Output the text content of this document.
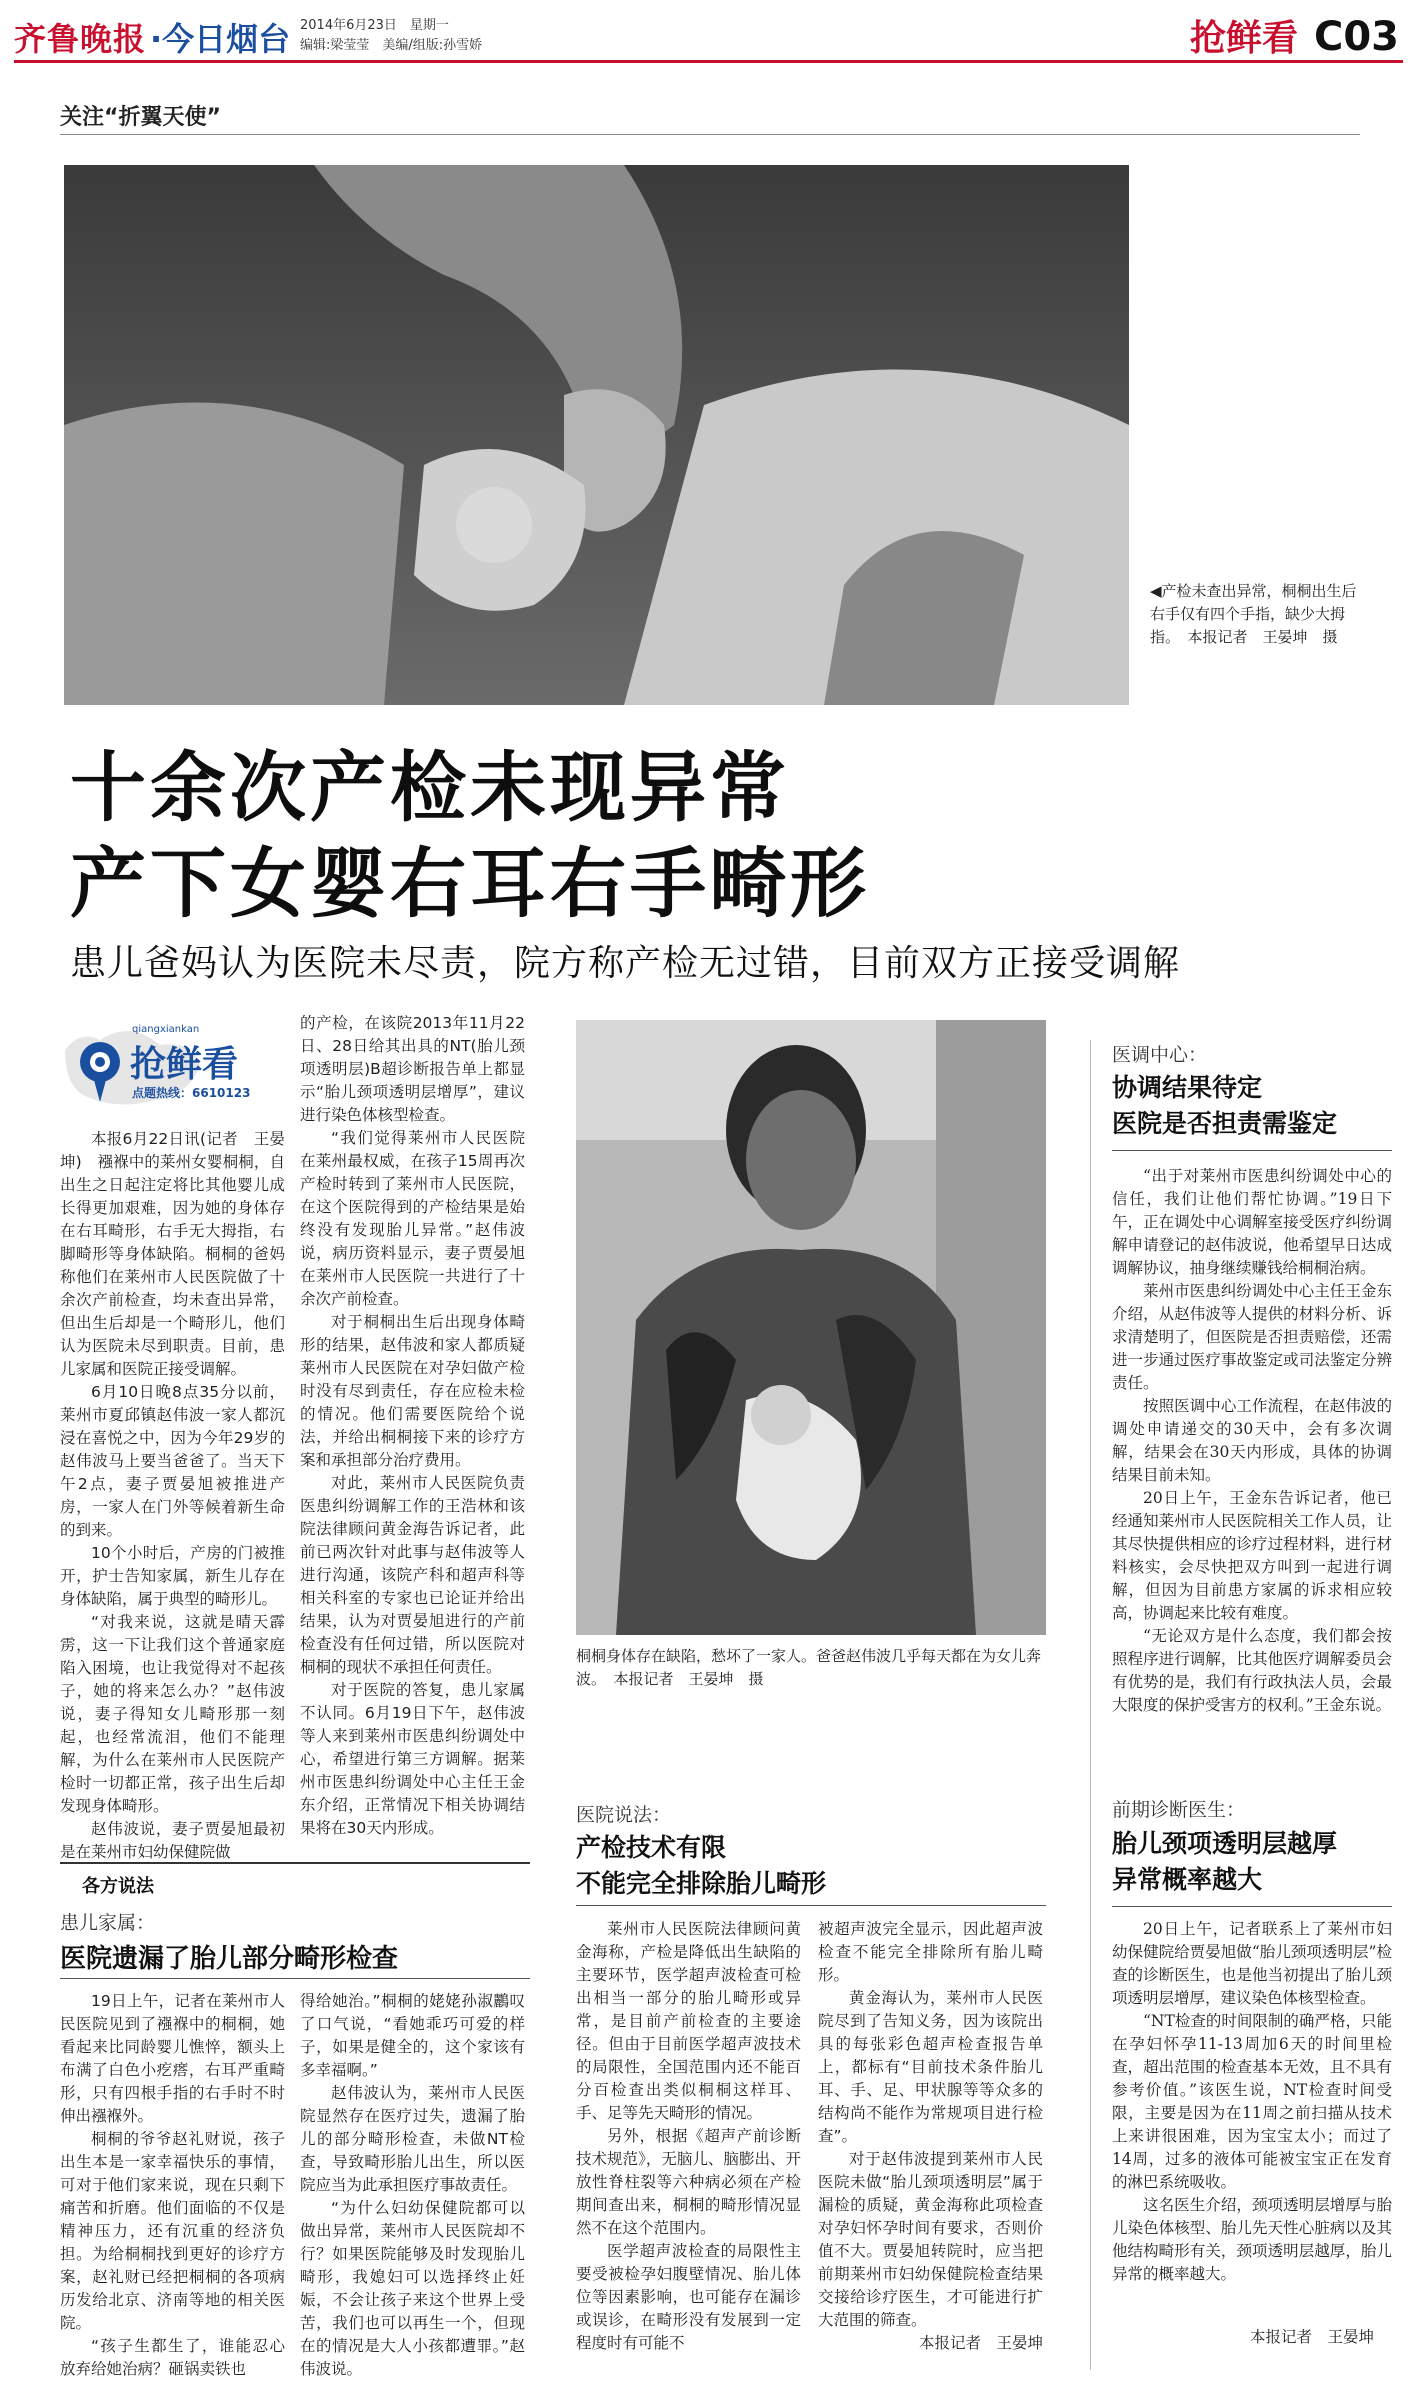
齐鲁晚报 ·今日烟台 2014年6月23日　星期一
编辑:梁莹莹　美编/组版:孙雪娇	抢鲜看 C03
关注“折翼天使”
◀产检未查出异常，桐桐出生后右手仅有四个手指，缺少大拇指。　本报记者　王晏坤　摄
十余次产检未现异常
产下女婴右耳右手畸形
患儿爸妈认为医院未尽责，院方称产检无过错，目前双方正接受调解
qiangxiankan
抢鲜看
点题热线：6610123

本报6月22日讯(记者　王晏坤)　襁褓中的莱州女婴桐桐，自出生之日起注定将比其他婴儿成长得更加艰难，因为她的身体存在右耳畸形，右手无大拇指，右脚畸形等身体缺陷。桐桐的爸妈称他们在莱州市人民医院做了十余次产前检查，均未查出异常，但出生后却是一个畸形儿，他们认为医院未尽到职责。目前，患儿家属和医院正接受调解。

6月10日晚8点35分以前，莱州市夏邱镇赵伟波一家人都沉浸在喜悦之中，因为今年29岁的赵伟波马上要当爸爸了。当天下午2点，妻子贾晏旭被推进产房，一家人在门外等候着新生命的到来。

10个小时后，产房的门被推开，护士告知家属，新生儿存在身体缺陷，属于典型的畸形儿。

“对我来说，这就是晴天霹雳，这一下让我们这个普通家庭陷入困境，也让我觉得对不起孩子，她的将来怎么办？”赵伟波说，妻子得知女儿畸形那一刻起，也经常流泪，他们不能理解，为什么在莱州市人民医院产检时一切都正常，孩子出生后却发现身体畸形。

赵伟波说，妻子贾晏旭最初是在莱州市妇幼保健院做

的产检，在该院2013年11月22日、28日给其出具的NT(胎儿颈项透明层)B超诊断报告单上都显示“胎儿颈项透明层增厚”，建议进行染色体核型检查。

“我们觉得莱州市人民医院在莱州最权威，在孩子15周再次产检时转到了莱州市人民医院，在这个医院得到的产检结果是始终没有发现胎儿异常。”赵伟波说，病历资料显示，妻子贾晏旭在莱州市人民医院一共进行了十余次产前检查。

对于桐桐出生后出现身体畸形的结果，赵伟波和家人都质疑莱州市人民医院在对孕妇做产检时没有尽到责任，存在应检未检的情况。他们需要医院给个说法，并给出桐桐接下来的诊疗方案和承担部分治疗费用。

对此，莱州市人民医院负责医患纠纷调解工作的王浩林和该院法律顾问黄金海告诉记者，此前已两次针对此事与赵伟波等人进行沟通，该院产科和超声科等相关科室的专家也已论证并给出结果，认为对贾晏旭进行的产前检查没有任何过错，所以医院对桐桐的现状不承担任何责任。

对于医院的答复，患儿家属不认同。6月19日下午，赵伟波等人来到莱州市医患纠纷调处中心，希望进行第三方调解。据莱州市医患纠纷调处中心主任王金东介绍，正常情况下相关协调结果将在30天内形成。

桐桐身体存在缺陷，愁坏了一家人。爸爸赵伟波几乎每天都在为女儿奔波。　本报记者　王晏坤　摄
医调中心：
协调结果待定
医院是否担责需鉴定

“出于对莱州市医患纠纷调处中心的信任，我们让他们帮忙协调。”19日下午，正在调处中心调解室接受医疗纠纷调解申请登记的赵伟波说，他希望早日达成调解协议，抽身继续赚钱给桐桐治病。

莱州市医患纠纷调处中心主任王金东介绍，从赵伟波等人提供的材料分析、诉求清楚明了，但医院是否担责赔偿，还需进一步通过医疗事故鉴定或司法鉴定分辨责任。

按照医调中心工作流程，在赵伟波的调处申请递交的30天中，会有多次调解，结果会在30天内形成，具体的协调结果目前未知。

20日上午，王金东告诉记者，他已经通知莱州市人民医院相关工作人员，让其尽快提供相应的诊疗过程材料，进行材料核实，会尽快把双方叫到一起进行调解，但因为目前患方家属的诉求相应较高，协调起来比较有难度。

“无论双方是什么态度，我们都会按照程序进行调解，比其他医疗调解委员会有优势的是，我们有行政执法人员，会最大限度的保护受害方的权利。”王金东说。

前期诊断医生：
胎儿颈项透明层越厚
异常概率越大

20日上午，记者联系上了莱州市妇幼保健院给贾晏旭做“胎儿颈项透明层”检查的诊断医生，也是他当初提出了胎儿颈项透明层增厚，建议染色体核型检查。

“NT检查的时间限制的确严格，只能在孕妇怀孕11-13周加6天的时间里检查，超出范围的检查基本无效，且不具有参考价值。”该医生说，NT检查时间受限，主要是因为在11周之前扫描从技术上来讲很困难，因为宝宝太小；而过了14周，过多的液体可能被宝宝正在发育的淋巴系统吸收。

这名医生介绍，颈项透明层增厚与胎儿染色体核型、胎儿先天性心脏病以及其他结构畸形有关，颈项透明层越厚，胎儿异常的概率越大。

本报记者　王晏坤
各方说法
患儿家属：
医院遗漏了胎儿部分畸形检查

19日上午，记者在莱州市人民医院见到了襁褓中的桐桐，她看起来比同龄婴儿憔悴，额头上布满了白色小疙瘩，右耳严重畸形，只有四根手指的右手时不时伸出襁褓外。

桐桐的爷爷赵礼财说，孩子出生本是一家幸福快乐的事情，可对于他们家来说，现在只剩下痛苦和折磨。他们面临的不仅是精神压力，还有沉重的经济负担。为给桐桐找到更好的诊疗方案，赵礼财已经把桐桐的各项病历发给北京、济南等地的相关医院。

“孩子生都生了，谁能忍心放弃给她治病？砸锅卖铁也

得给她治。”桐桐的姥姥孙淑鸝叹了口气说，“看她乖巧可爱的样子，如果是健全的，这个家该有多幸福啊。”

赵伟波认为，莱州市人民医院显然存在医疗过失，遗漏了胎儿的部分畸形检查，未做NT检查，导致畸形胎儿出生，所以医院应当为此承担医疗事故责任。

“为什么妇幼保健院都可以做出异常，莱州市人民医院却不行？如果医院能够及时发现胎儿畸形，我媳妇可以选择终止妊娠，不会让孩子来这个世界上受苦，我们也可以再生一个，但现在的情况是大人小孩都遭罪。”赵伟波说。

医院说法：
产检技术有限
不能完全排除胎儿畸形

莱州市人民医院法律顾问黄金海称，产检是降低出生缺陷的主要环节，医学超声波检查可检出相当一部分的胎儿畸形或异常，是目前产前检查的主要途径。但由于目前医学超声波技术的局限性，全国范围内还不能百分百检查出类似桐桐这样耳、手、足等先天畸形的情况。

另外，根据《超声产前诊断技术规范》，无脑儿、脑膨出、开放性脊柱裂等六种病必须在产检期间查出来，桐桐的畸形情况显然不在这个范围内。

医学超声波检查的局限性主要受被检孕妇腹壁情况、胎儿体位等因素影响，也可能存在漏诊或误诊，在畸形没有发展到一定程度时有可能不

被超声波完全显示，因此超声波检查不能完全排除所有胎儿畸形。

黄金海认为，莱州市人民医院尽到了告知义务，因为该院出具的每张彩色超声检查报告单上，都标有“目前技术条件胎儿耳、手、足、甲状腺等等众多的结构尚不能作为常规项目进行检查”。

对于赵伟波提到莱州市人民医院未做“胎儿颈项透明层”属于漏检的质疑，黄金海称此项检查对孕妇怀孕时间有要求，否则价值不大。贾晏旭转院时，应当把前期莱州市妇幼保健院检查结果交接给诊疗医生，才可能进行扩大范围的筛查。

本报记者　王晏坤
